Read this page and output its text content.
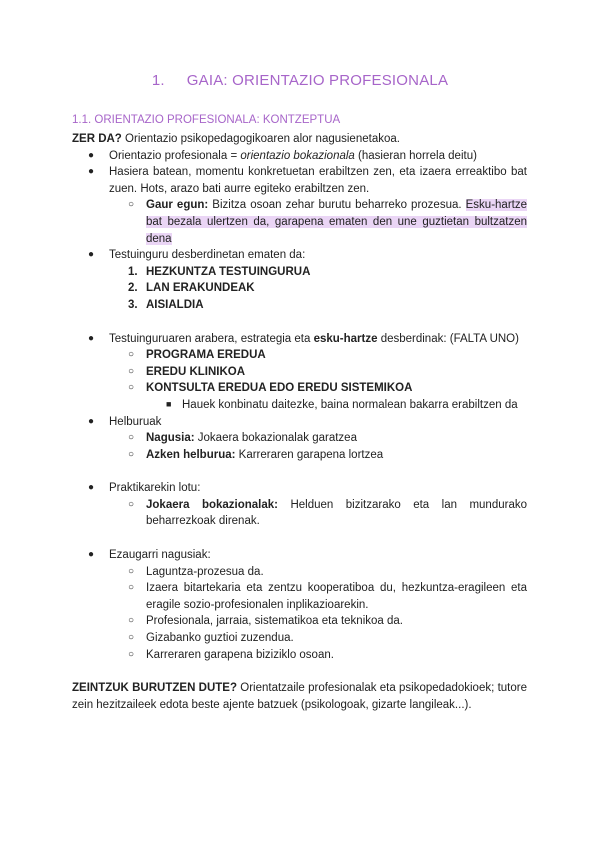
1. GAIA: ORIENTAZIO PROFESIONALA
1.1. ORIENTAZIO PROFESIONALA: KONTZEPTUA

ZER DA? Orientazio psikopedagogikoaren alor nagusienetakoa.

● Orientazio profesionala = orientazio bokazionala (hasieran horrela deitu)
● Hasiera batean, momentu konkretuetan erabiltzen zen, eta izaera erreaktibo bat zuen. Hots, arazo bati aurre egiteko erabiltzen zen.
○ Gaur egun: Bizitza osoan zehar burutu beharreko prozesua. Esku-hartze bat bezala ulertzen da, garapena ematen den une guztietan bultzatzen dena
● Testuinguru desberdinetan ematen da:
1. HEZKUNTZA TESTUINGURUA
2. LAN ERAKUNDEAK
3. AISIALDIA
● Testuinguruaren arabera, estrategia eta esku-hartze desberdinak: (FALTA UNO)
○ PROGRAMA EREDUA
○ EREDU KLINIKOA
○ KONTSULTA EREDUA EDO EREDU SISTEMIKOA
■ Hauek konbinatu daitezke, baina normalean bakarra erabiltzen da
● Helburuak
○ Nagusia: Jokaera bokazionalak garatzea
○ Azken helburua: Karreraren garapena lortzea
● Praktikarekin lotu:
○ Jokaera bokazionalak: Helduen bizitzarako eta lan mundurako beharrezkoak direnak.
● Ezaugarri nagusiak:
○ Laguntza-prozesua da.
○ Izaera bitartekaria eta zentzu kooperatiboa du, hezkuntza-eragileen eta eragile sozio-profesionalen inplikazioarekin.
○ Profesionala, jarraia, sistematikoa eta teknikoa da.
○ Gizabanko guztioi zuzendua.
○ Karreraren garapena biziziklo osoan.

ZEINTZUK BURUTZEN DUTE? Orientatzaile profesionalak eta psikopedadokioek; tutore zein hezitzaileek edota beste ajente batzuek (psikologoak, gizarte langileak...).
